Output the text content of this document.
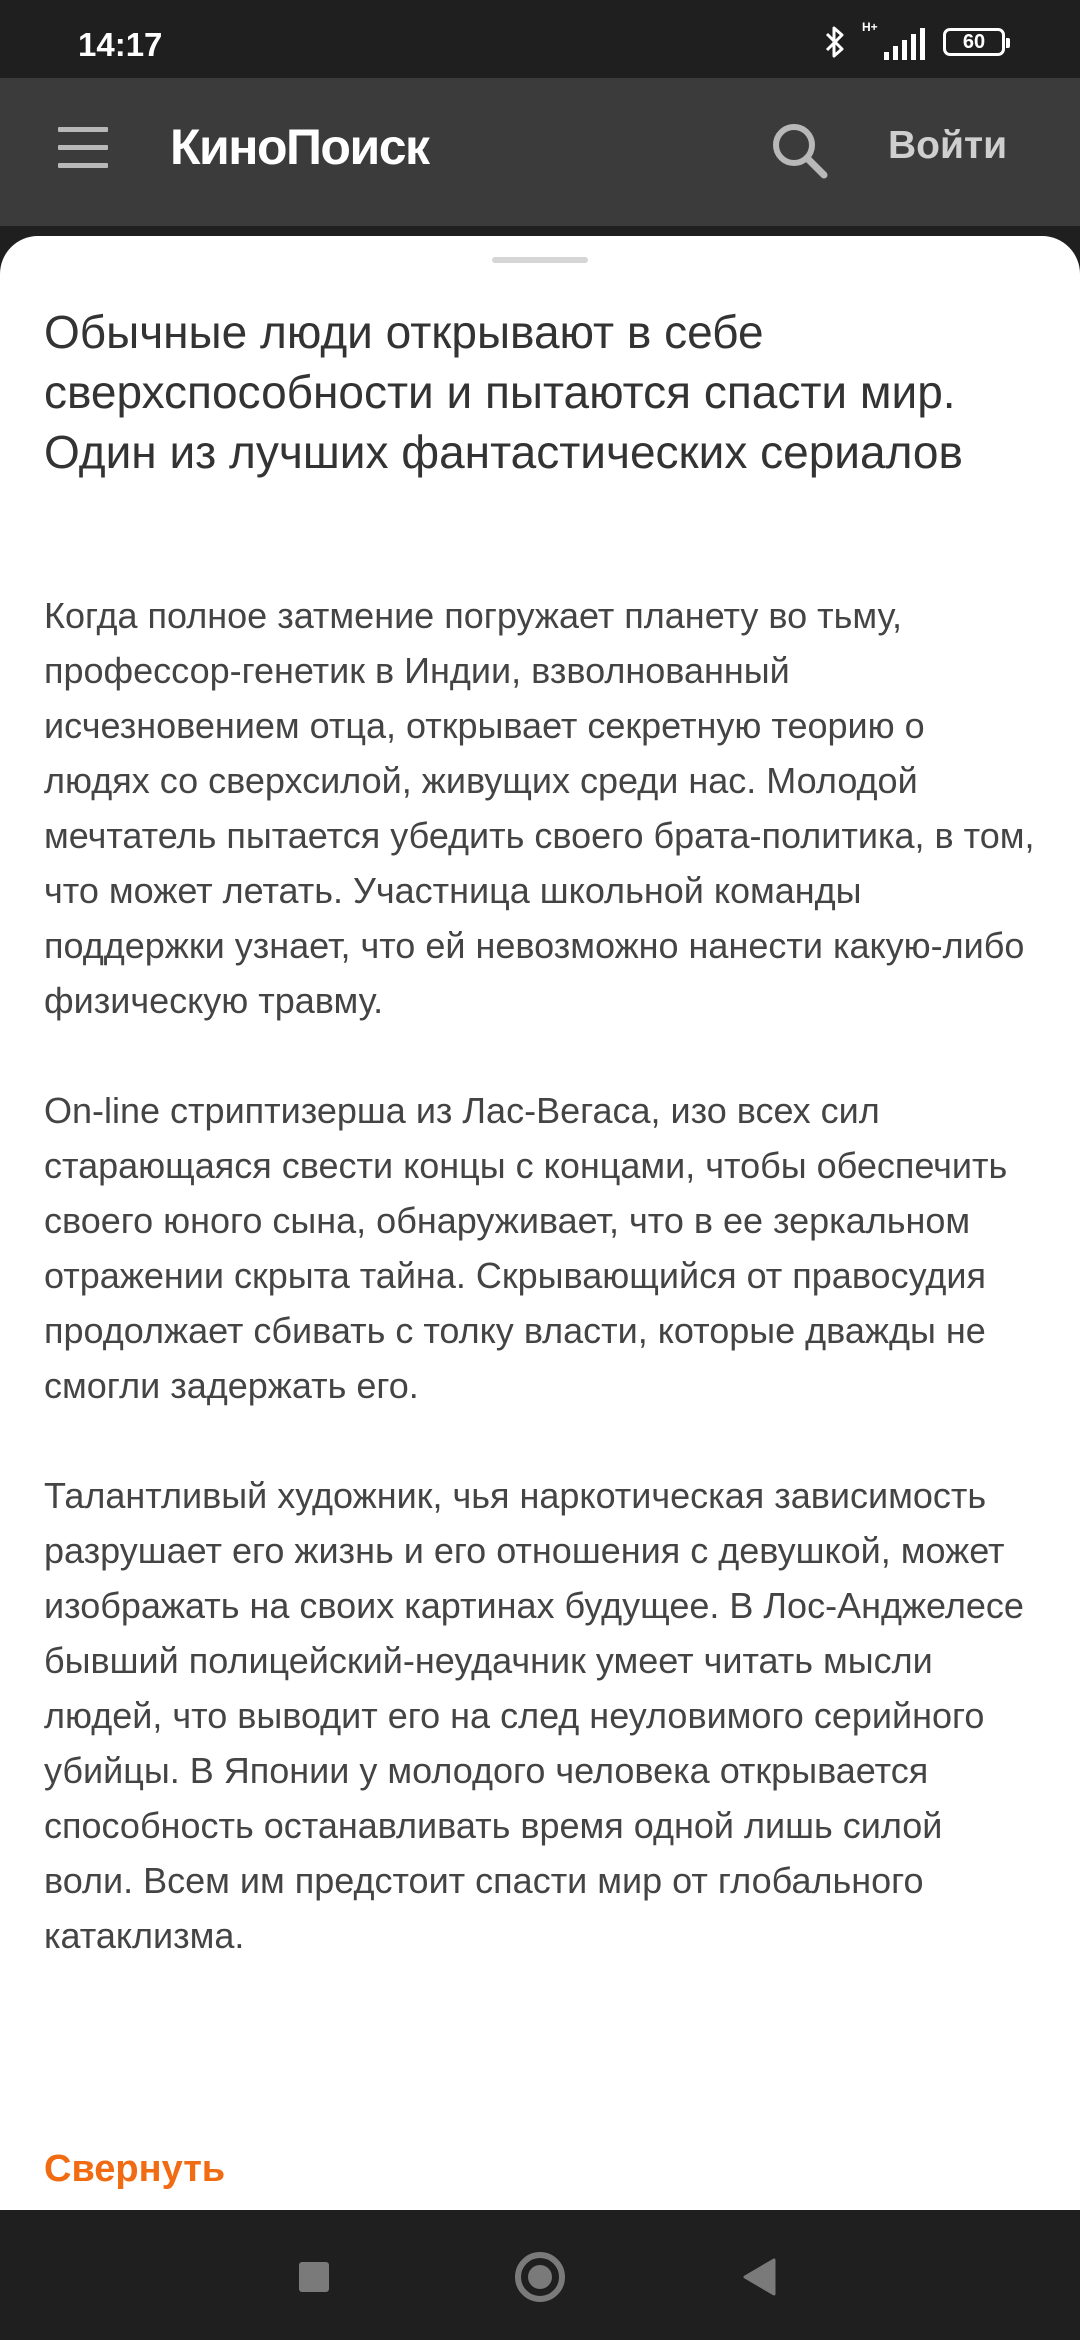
14:17	H+
60
КиноПоиск	Войти
Обычные люди открывают в себе сверхспособности и пытаются спасти мир. Один из лучших фантастических сериалов

Когда полное затмение погружает планету во тьму, профессор-генетик в Индии, взволнованный исчезновением отца, открывает секретную теорию о людях со сверхсилой, живущих среди нас. Молодой мечтатель пытается убедить своего брата-политика, в том, что может летать. Участница школьной команды поддержки узнает, что ей невозможно нанести какую-либо физическую травму.

On-line стриптизерша из Лас-Вегаса, изо всех сил старающаяся свести концы с концами, чтобы обеспечить своего юного сына, обнаруживает, что в ее зеркальном отражении скрыта тайна. Скрывающийся от правосудия продолжает сбивать с толку власти, которые дважды не смогли задержать его.

Талантливый художник, чья наркотическая зависимость разрушает его жизнь и его отношения с девушкой, может изображать на своих картинах будущее. В Лос-Анджелесе бывший полицейский-неудачник умеет читать мысли людей, что выводит его на след неуловимого серийного убийцы. В Японии у молодого человека открывается способность останавливать время одной лишь силой воли. Всем им предстоит спасти мир от глобального катаклизма.

Свернуть
